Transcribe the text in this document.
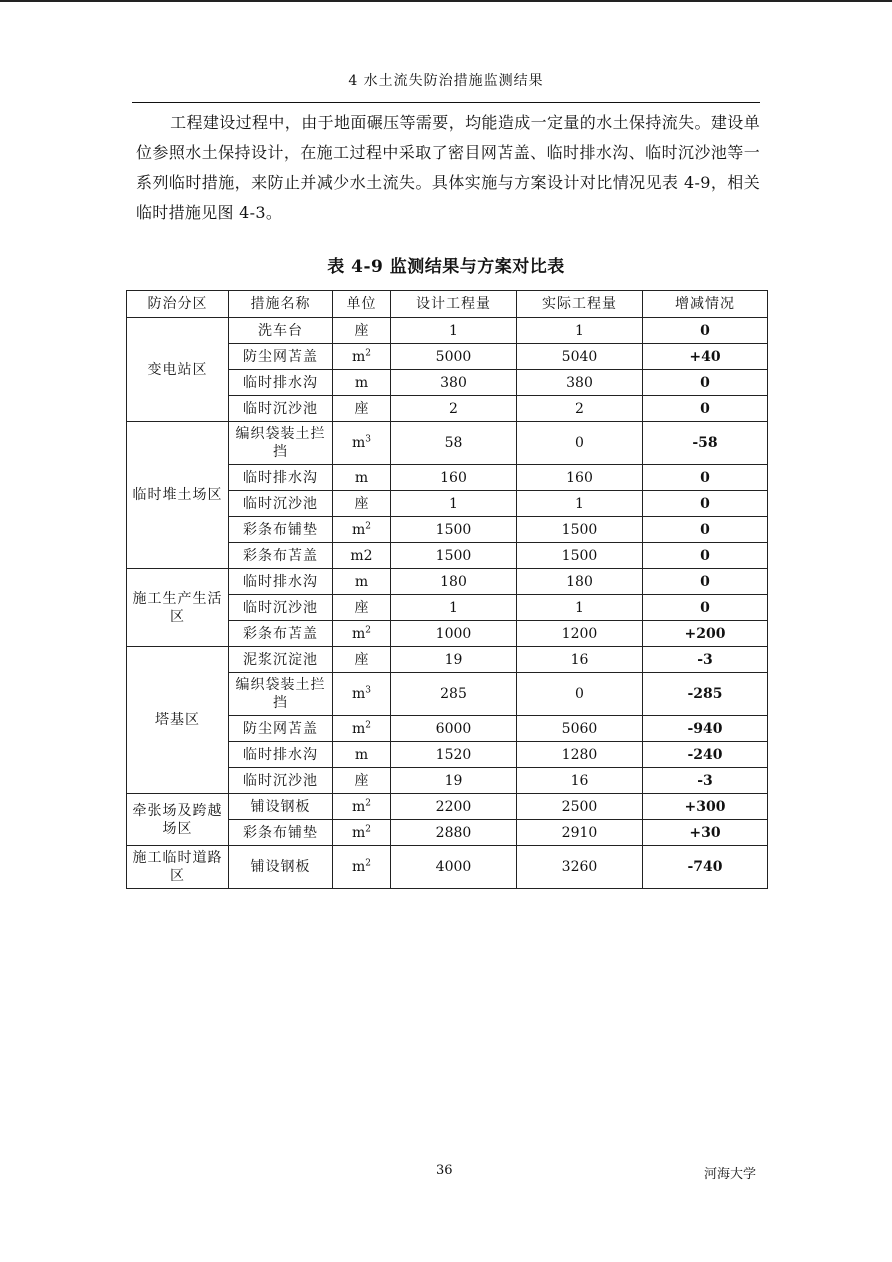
4 水土流失防治措施监测结果

工程建设过程中，由于地面碾压等需要，均能造成一定量的水土保持流失。建设单位参照水土保持设计，在施工过程中采取了密目网苫盖、临时排水沟、临时沉沙池等一系列临时措施，来防止并减少水土流失。具体实施与方案设计对比情况见表 4-9，相关临时措施见图 4-3。

表 4-9 监测结果与方案对比表
防治分区	措施名称	单位	设计工程量	实际工程量	增减情况
变电站区	洗车台	座	1	1	0
	防尘网苫盖	$m^2$	5000	5040	+40
	临时排水沟	m	380	380	0
	临时沉沙池	座	2	2	0
临时堆土场区	编织袋装土拦挡	$m^3$	58	0	-58
	临时排水沟	m	160	160	0
	临时沉沙池	座	1	1	0
	彩条布铺垫	$m^2$	1500	1500	0
	彩条布苫盖	m2	1500	1500	0
施工生产生活区	临时排水沟	m	180	180	0
	临时沉沙池	座	1	1	0
	彩条布苫盖	$m^2$	1000	1200	+200
塔基区	泥浆沉淀池	座	19	16	-3
	编织袋装土拦挡	$m^3$	285	0	-285
	防尘网苫盖	$m^2$	6000	5060	-940
	临时排水沟	m	1520	1280	-240
	临时沉沙池	座	19	16	-3
牵张场及跨越场区	铺设钢板	$m^2$	2200	2500	+300
	彩条布铺垫	$m^2$	2880	2910	+30
施工临时道路区	铺设钢板	$m^2$	4000	3260	-740
36	河海大学
